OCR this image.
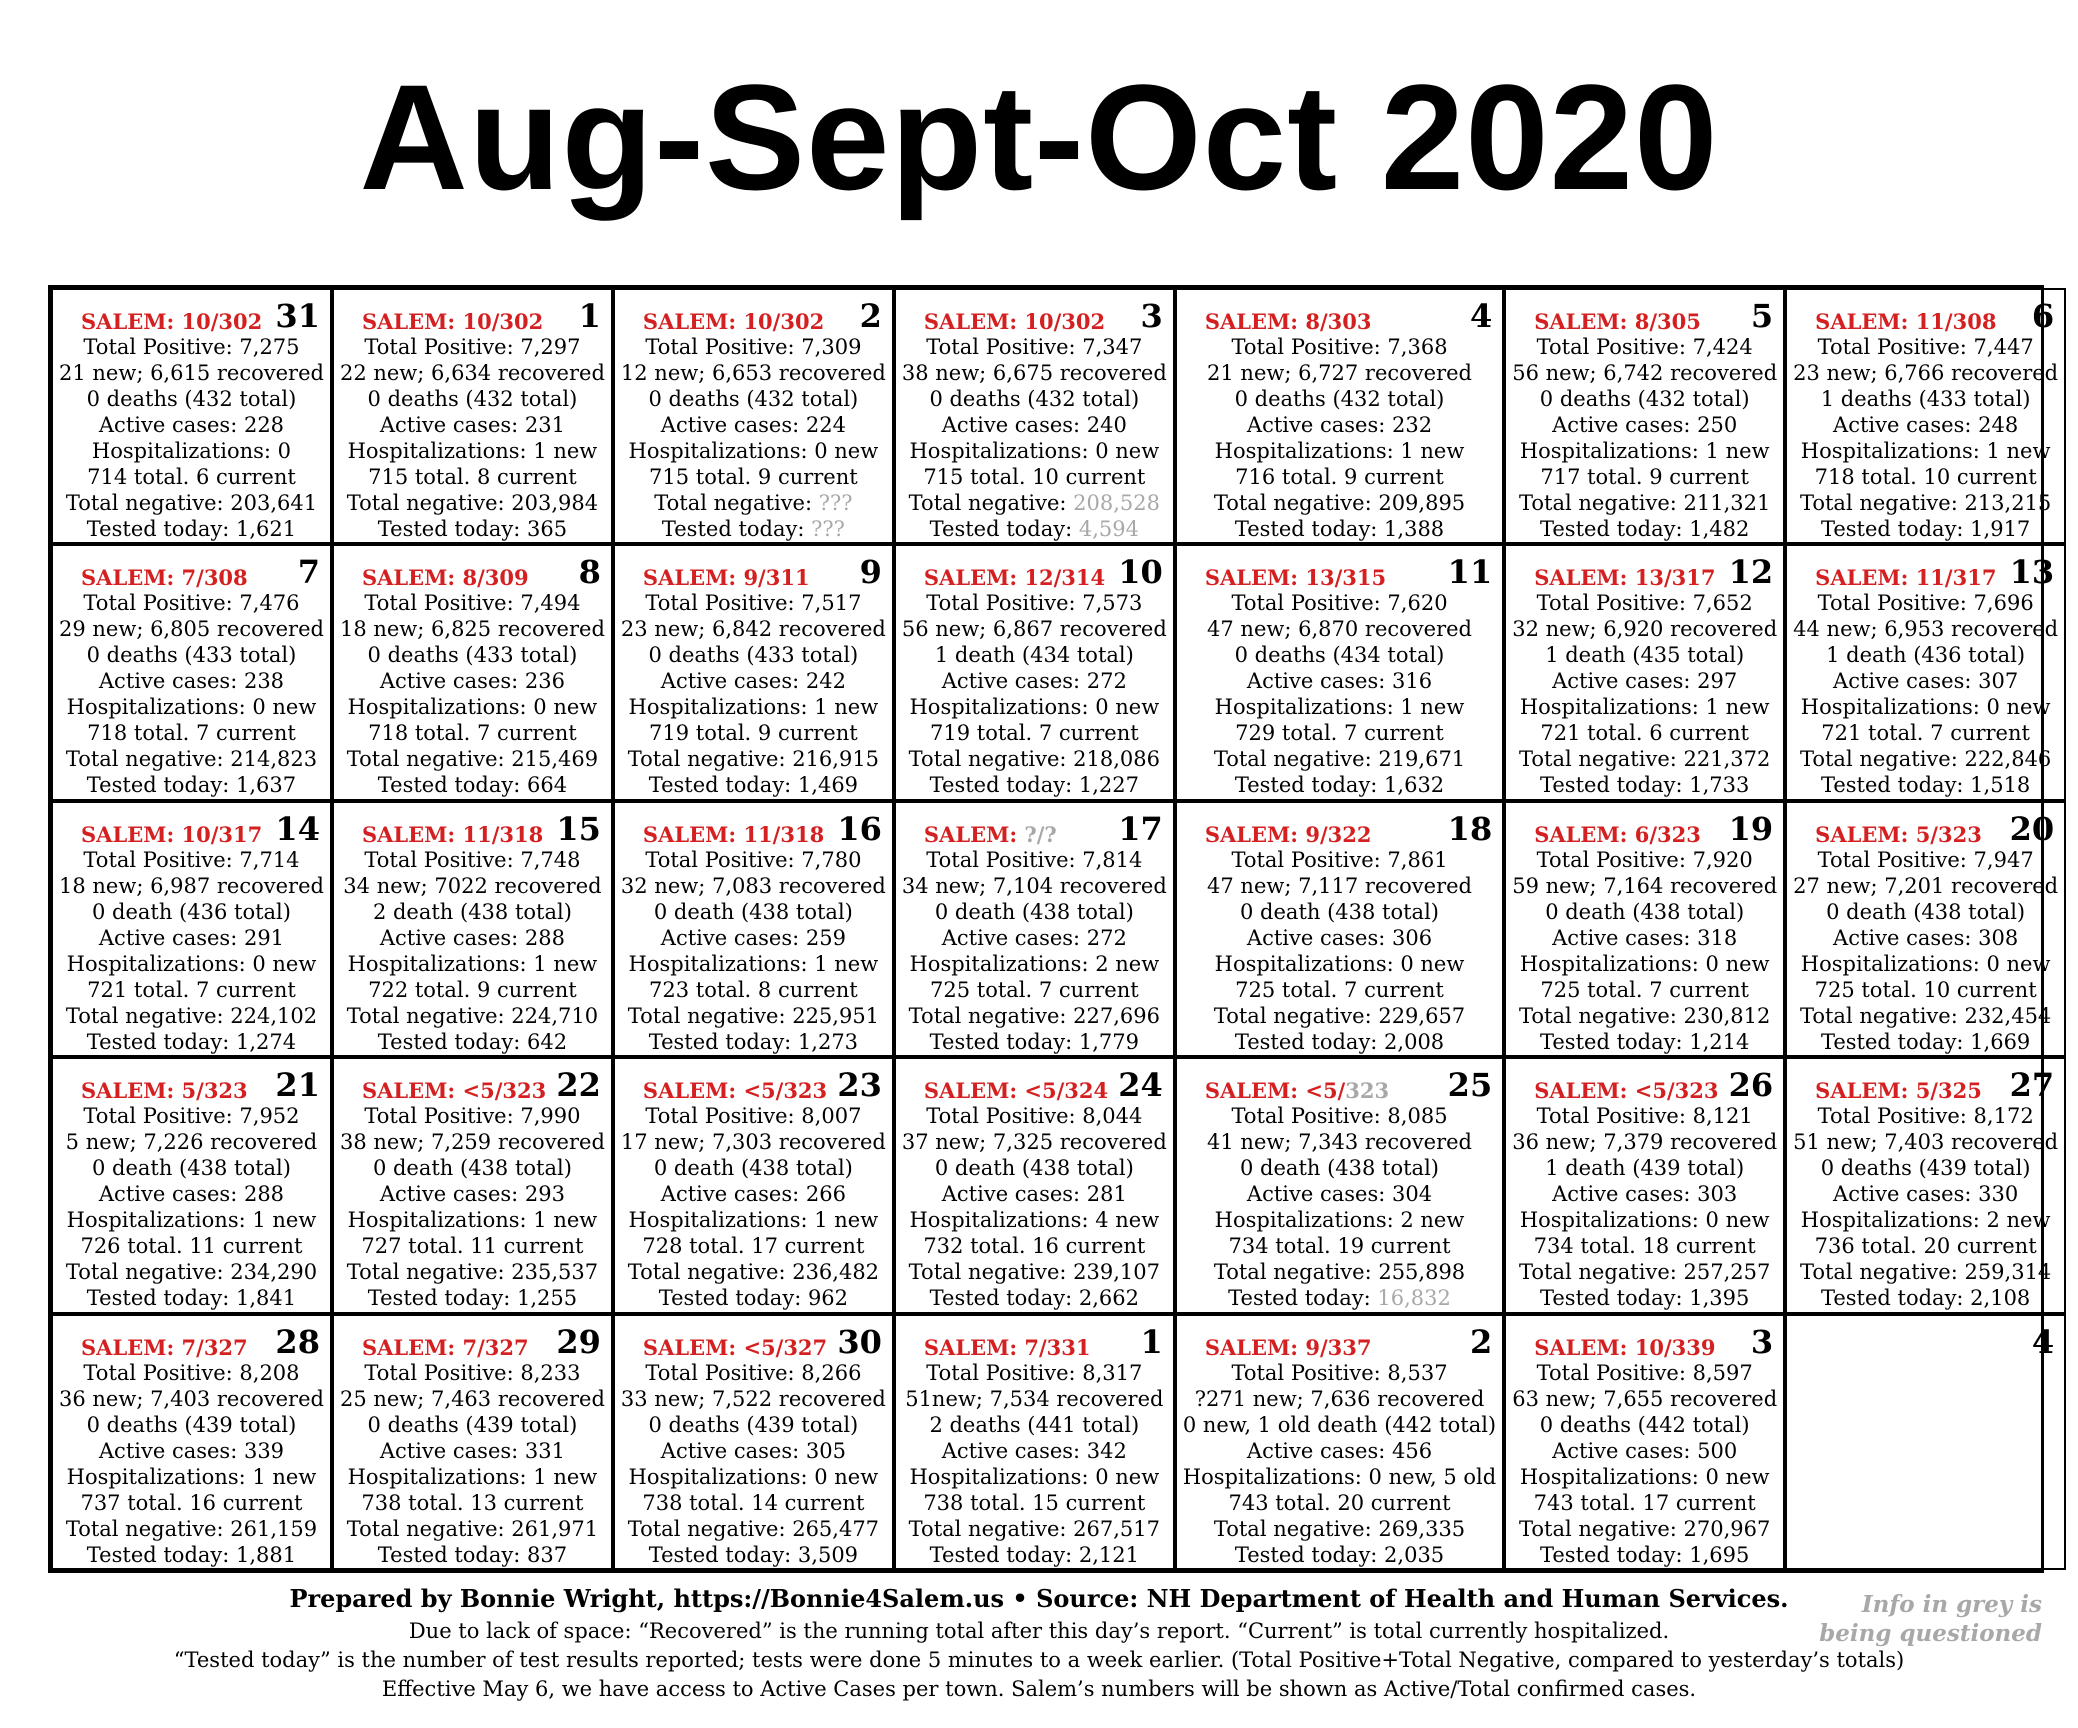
Aug-Sept-Oct 2020
SALEM: 10/302 31
Total Positive: 7,275
21 new; 6,615 recovered
0 deaths (432 total)
Active cases: 228
Hospitalizations: 0
714 total. 6 current
Total negative: 203,641
Tested today: 1,621
SALEM: 10/302 1
Total Positive: 7,297
22 new; 6,634 recovered
0 deaths (432 total)
Active cases: 231
Hospitalizations: 1 new
715 total. 8 current
Total negative: 203,984
Tested today: 365
SALEM: 10/302 2
Total Positive: 7,309
12 new; 6,653 recovered
0 deaths (432 total)
Active cases: 224
Hospitalizations: 0 new
715 total. 9 current
Total negative: ???
Tested today: ???
SALEM: 10/302 3
Total Positive: 7,347
38 new; 6,675 recovered
0 deaths (432 total)
Active cases: 240
Hospitalizations: 0 new
715 total. 10 current
Total negative: 208,528
Tested today: 4,594
SALEM: 8/303	4
Total Positive: 7,368
21 new; 6,727 recovered
0 deaths (432 total)
Active cases: 232
Hospitalizations: 1 new
716 total. 9 current
Total negative: 209,895
Tested today: 1,388
SALEM: 8/305 5
Total Positive: 7,424
56 new; 6,742 recovered
0 deaths (432 total)
Active cases: 250
Hospitalizations: 1 new
717 total. 9 current
Total negative: 211,321
Tested today: 1,482
SALEM: 11/308 6
Total Positive: 7,447
23 new; 6,766 recovered
1 deaths (433 total)
Active cases: 248
Hospitalizations: 1 new
718 total. 10 current
Total negative: 213,215
Tested today: 1,917
SALEM: 7/308 7
Total Positive: 7,476
29 new; 6,805 recovered
0 deaths (433 total)
Active cases: 238
Hospitalizations: 0 new
718 total. 7 current
Total negative: 214,823
Tested today: 1,637
SALEM: 8/309 8
Total Positive: 7,494
18 new; 6,825 recovered
0 deaths (433 total)
Active cases: 236
Hospitalizations: 0 new
718 total. 7 current
Total negative: 215,469
Tested today: 664
SALEM: 9/311 9
Total Positive: 7,517
23 new; 6,842 recovered
0 deaths (433 total)
Active cases: 242
Hospitalizations: 1 new
719 total. 9 current
Total negative: 216,915
Tested today: 1,469
SALEM: 12/314 10
Total Positive: 7,573
56 new; 6,867 recovered
1 death (434 total)
Active cases: 272
Hospitalizations: 0 new
719 total. 7 current
Total negative: 218,086
Tested today: 1,227
SALEM: 13/315 11
Total Positive: 7,620
47 new; 6,870 recovered
0 deaths (434 total)
Active cases: 316
Hospitalizations: 1 new
729 total. 7 current
Total negative: 219,671
Tested today: 1,632
SALEM: 13/317 12
Total Positive: 7,652
32 new; 6,920 recovered
1 death (435 total)
Active cases: 297
Hospitalizations: 1 new
721 total. 6 current
Total negative: 221,372
Tested today: 1,733
SALEM: 11/317 13
Total Positive: 7,696
44 new; 6,953 recovered
1 death (436 total)
Active cases: 307
Hospitalizations: 0 new
721 total. 7 current
Total negative: 222,846
Tested today: 1,518
SALEM: 10/317 14
Total Positive: 7,714
18 new; 6,987 recovered
0 death (436 total)
Active cases: 291
Hospitalizations: 0 new
721 total. 7 current
Total negative: 224,102
Tested today: 1,274
SALEM: 11/318 15
Total Positive: 7,748
34 new; 7022 recovered
2 death (438 total)
Active cases: 288
Hospitalizations: 1 new
722 total. 9 current
Total negative: 224,710
Tested today: 642
SALEM: 11/318 16
Total Positive: 7,780
32 new; 7,083 recovered
0 death (438 total)
Active cases: 259
Hospitalizations: 1 new
723 total. 8 current
Total negative: 225,951
Tested today: 1,273
SALEM: ?/? 17
Total Positive: 7,814
34 new; 7,104 recovered
0 death (438 total)
Active cases: 272
Hospitalizations: 2 new
725 total. 7 current
Total negative: 227,696
Tested today: 1,779
SALEM: 9/322 18
Total Positive: 7,861
47 new; 7,117 recovered
0 death (438 total)
Active cases: 306
Hospitalizations: 0 new
725 total. 7 current
Total negative: 229,657
Tested today: 2,008
SALEM: 6/323 19
Total Positive: 7,920
59 new; 7,164 recovered
0 death (438 total)
Active cases: 318
Hospitalizations: 0 new
725 total. 7 current
Total negative: 230,812
Tested today: 1,214
SALEM: 5/323 20
Total Positive: 7,947
27 new; 7,201 recovered
0 death (438 total)
Active cases: 308
Hospitalizations: 0 new
725 total. 10 current
Total negative: 232,454
Tested today: 1,669
SALEM: 5/323 21
Total Positive: 7,952
5 new; 7,226 recovered
0 death (438 total)
Active cases: 288
Hospitalizations: 1 new
726 total. 11 current
Total negative: 234,290
Tested today: 1,841
SALEM: <5/323 22
Total Positive: 7,990
38 new; 7,259 recovered
0 death (438 total)
Active cases: 293
Hospitalizations: 1 new
727 total. 11 current
Total negative: 235,537
Tested today: 1,255
SALEM: <5/323 23
Total Positive: 8,007
17 new; 7,303 recovered
0 death (438 total)
Active cases: 266
Hospitalizations: 1 new
728 total. 17 current
Total negative: 236,482
Tested today: 962
SALEM: <5/324 24
Total Positive: 8,044
37 new; 7,325 recovered
0 death (438 total)
Active cases: 281
Hospitalizations: 4 new
732 total. 16 current
Total negative: 239,107
Tested today: 2,662
SALEM: <5/323 25
Total Positive: 8,085
41 new; 7,343 recovered
0 death (438 total)
Active cases: 304
Hospitalizations: 2 new
734 total. 19 current
Total negative: 255,898
Tested today: 16,832
SALEM: <5/323 26
Total Positive: 8,121
36 new; 7,379 recovered
1 death (439 total)
Active cases: 303
Hospitalizations: 0 new
734 total. 18 current
Total negative: 257,257
Tested today: 1,395
SALEM: 5/325 27
Total Positive: 8,172
51 new; 7,403 recovered
0 deaths (439 total)
Active cases: 330
Hospitalizations: 2 new
736 total. 20 current
Total negative: 259,314
Tested today: 2,108
SALEM: 7/327 28
Total Positive: 8,208
36 new; 7,403 recovered
0 deaths (439 total)
Active cases: 339
Hospitalizations: 1 new
737 total. 16 current
Total negative: 261,159
Tested today: 1,881
SALEM: 7/327 29
Total Positive: 8,233
25 new; 7,463 recovered
0 deaths (439 total)
Active cases: 331
Hospitalizations: 1 new
738 total. 13 current
Total negative: 261,971
Tested today: 837
SALEM: <5/327 30
Total Positive: 8,266
33 new; 7,522 recovered
0 deaths (439 total)
Active cases: 305
Hospitalizations: 0 new
738 total. 14 current
Total negative: 265,477
Tested today: 3,509
SALEM: 7/331 1
Total Positive: 8,317
51new; 7,534 recovered
2 deaths (441 total)
Active cases: 342
Hospitalizations: 0 new
738 total. 15 current
Total negative: 267,517
Tested today: 2,121
SALEM: 9/337	2
Total Positive: 8,537
?271 new; 7,636 recovered
0 new, 1 old death (442 total)
Active cases: 456
Hospitalizations: 0 new, 5 old
743 total. 20 current
Total negative: 269,335
Tested today: 2,035
SALEM: 10/339 3
Total Positive: 8,597
63 new; 7,655 recovered
0 deaths (442 total)
Active cases: 500
Hospitalizations: 0 new
743 total. 17 current
Total negative: 270,967
Tested today: 1,695
4
Prepared by Bonnie Wright, https://Bonnie4Salem.us • Source: NH Department of Health and Human Services.
Due to lack of space: “Recovered” is the running total after this day’s report. “Current” is total currently hospitalized.
“Tested today” is the number of test results reported; tests were done 5 minutes to a week earlier. (Total Positive+Total Negative, compared to yesterday’s totals)
Effective May 6, we have access to Active Cases per town. Salem’s numbers will be shown as Active/Total confirmed cases.
Info in grey is
being questioned
